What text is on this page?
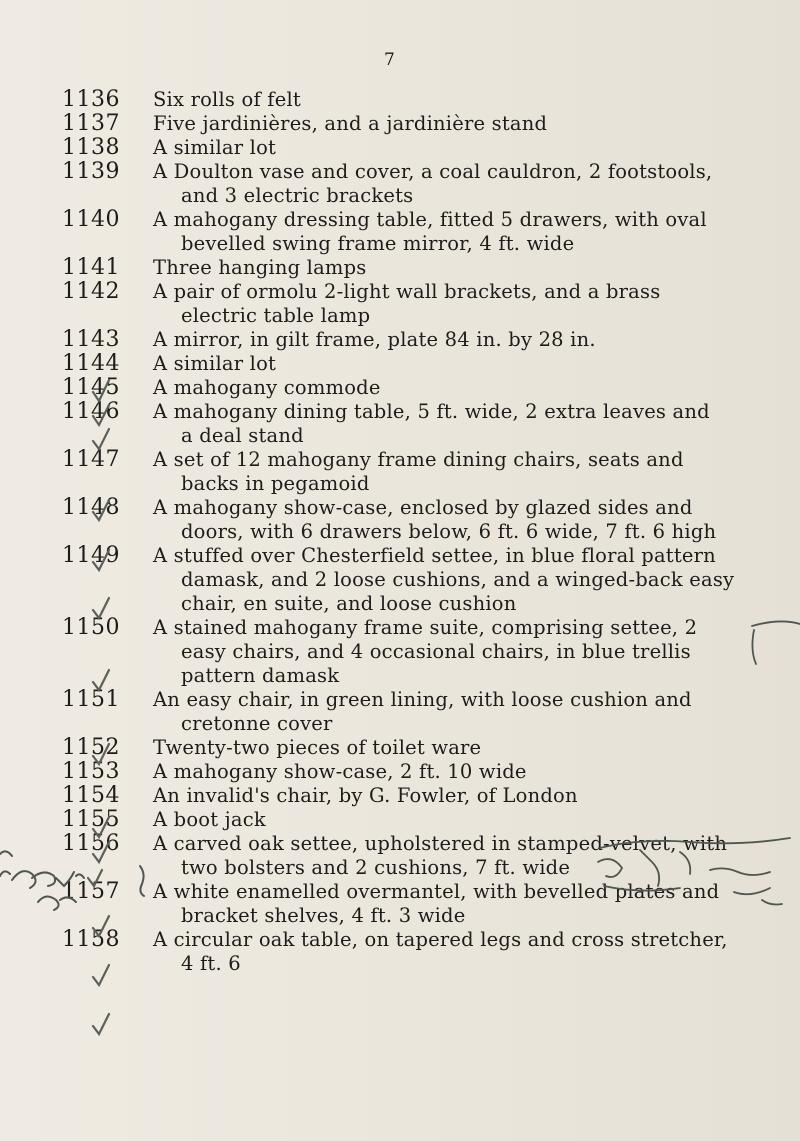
7
1136	Six rolls of felt
1137	Five jardinières, and a jardinière stand
1138	A similar lot
1139	A Doulton vase and cover, a coal cauldron, 2 footstools,
and 3 electric brackets
1140	A mahogany dressing table, fitted 5 drawers, with oval
bevelled swing frame mirror, 4 ft. wide
1141	Three hanging lamps
1142	A pair of ormolu 2-light wall brackets, and a brass
electric table lamp
1143	A mirror, in gilt frame, plate 84 in. by 28 in.
1144	A similar lot
1145	A mahogany commode
1146	A mahogany dining table, 5 ft. wide, 2 extra leaves and
a deal stand
1147	A set of 12 mahogany frame dining chairs, seats and
backs in pegamoid
1148	A mahogany show-case, enclosed by glazed sides and
doors, with 6 drawers below, 6 ft. 6 wide, 7 ft. 6 high
1149	A stuffed over Chesterfield settee, in blue floral pattern
damask, and 2 loose cushions, and a winged-back easy
chair, en suite, and loose cushion
1150	A stained mahogany frame suite, comprising settee, 2
easy chairs, and 4 occasional chairs, in blue trellis
pattern damask
1151	An easy chair, in green lining, with loose cushion and
cretonne cover
1152	Twenty-two pieces of toilet ware
1153	A mahogany show-case, 2 ft. 10 wide
1154	An invalid's chair, by G. Fowler, of London
1155	A boot jack
1156	A carved oak settee, upholstered in stamped-velvet, with
two bolsters and 2 cushions, 7 ft. wide
1157	A white enamelled overmantel, with bevelled plates and
bracket shelves, 4 ft. 3 wide
1158	A circular oak table, on tapered legs and cross stretcher,
4 ft. 6
